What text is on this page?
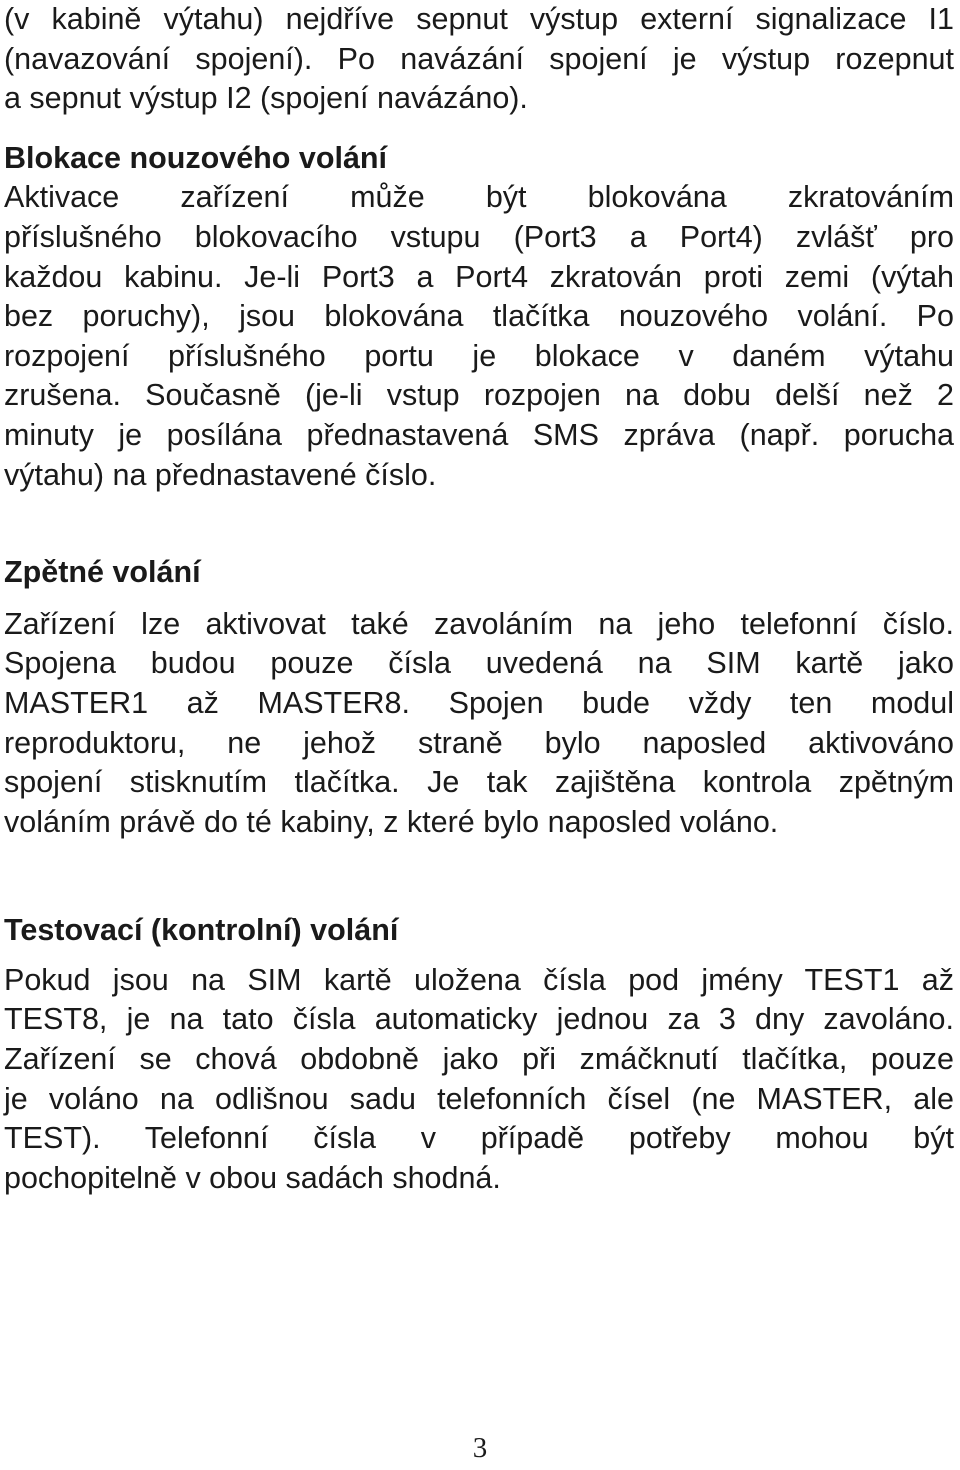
(v kabině výtahu) nejdříve sepnut výstup externí signalizace I1
(navazování spojení). Po navázání spojení je výstup rozepnut
a sepnut výstup I2 (spojení navázáno).
Blokace nouzového volání
Aktivace zařízení může být blokována zkratováním
příslušného blokovacího vstupu (Port3 a Port4) zvlášť pro
každou kabinu. Je-li Port3 a Port4 zkratován proti zemi (výtah
bez poruchy), jsou blokována tlačítka nouzového volání. Po
rozpojení příslušného portu je blokace v daném výtahu
zrušena. Současně (je-li vstup rozpojen na dobu delší než 2
minuty je posílána přednastavená SMS zpráva (např. porucha
výtahu) na přednastavené číslo.
Zpětné volání
Zařízení lze aktivovat také zavoláním na jeho telefonní číslo.
Spojena budou pouze čísla uvedená na SIM kartě jako
MASTER1 až MASTER8. Spojen bude vždy ten modul
reproduktoru, ne jehož straně bylo naposled aktivováno
spojení stisknutím tlačítka. Je tak zajištěna kontrola zpětným
voláním právě do té kabiny, z které bylo naposled voláno.
Testovací (kontrolní) volání
Pokud jsou na SIM kartě uložena čísla pod jmény TEST1 až
TEST8, je na tato čísla automaticky jednou za 3 dny zavoláno.
Zařízení se chová obdobně jako při zmáčknutí tlačítka, pouze
je voláno na odlišnou sadu telefonních čísel (ne MASTER, ale
TEST). Telefonní čísla v případě potřeby mohou být
pochopitelně v obou sadách shodná.
3
